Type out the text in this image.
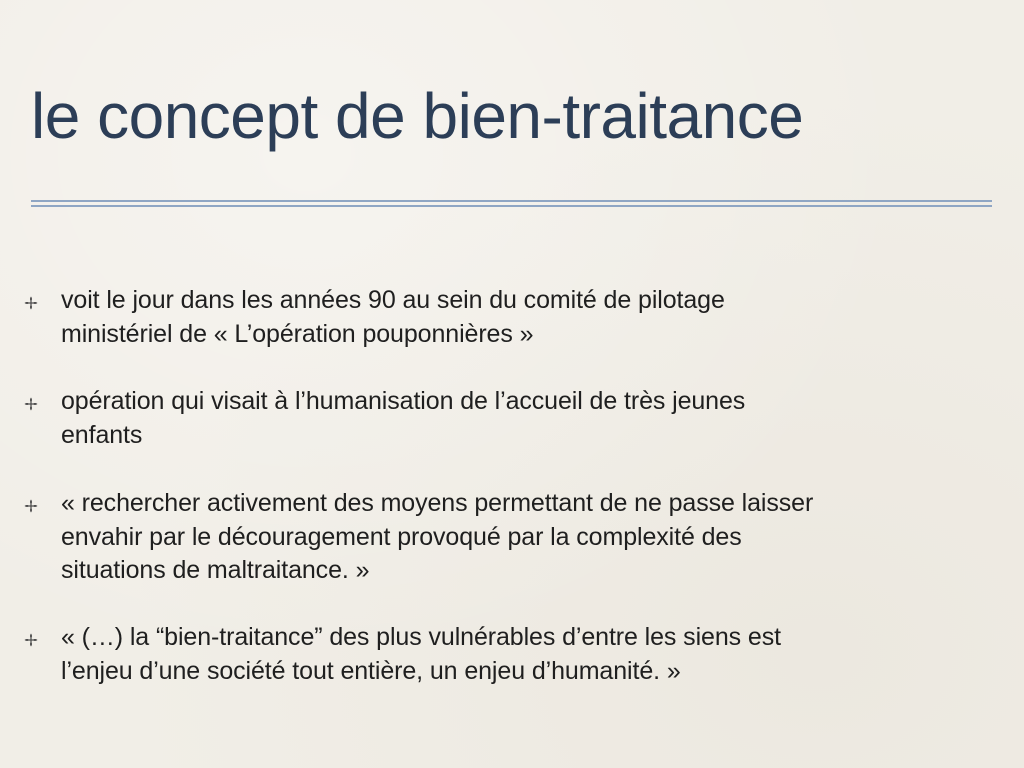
le concept de bien-traitance
voit le jour dans les années 90 au sein du comité de pilotage
ministériel de « L’opération pouponnières »
opération qui visait à l’humanisation de l’accueil de très jeunes
enfants
« rechercher activement des moyens permettant de ne passe laisser
envahir par le découragement provoqué par la complexité des
situations de maltraitance. »
« (…) la “bien-traitance” des plus vulnérables d’entre les siens est
l’enjeu d’une société tout entière, un enjeu d’humanité. »
